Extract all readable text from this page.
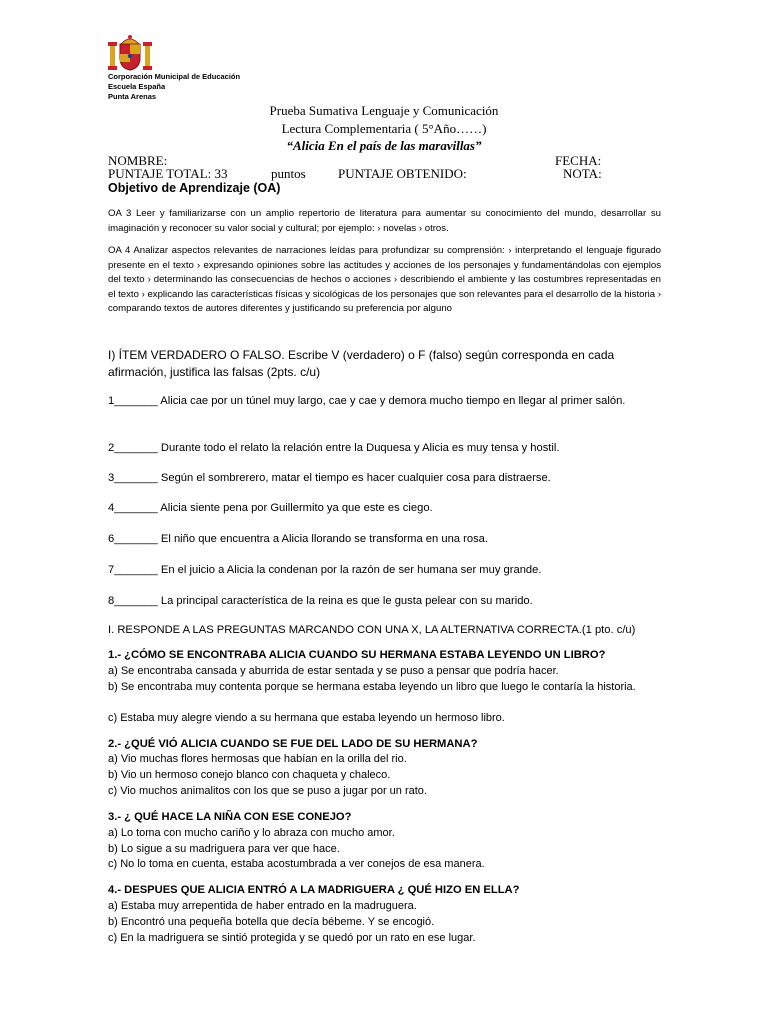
Corporación Municipal de Educación
Escuela España
Punta Arenas
Prueba Sumativa Lenguaje y Comunicación
Lectura Complementaria ( 5°Año……)
“Alicia En el país de las maravillas”
NOMBRE:	FECHA:
PUNTAJE TOTAL: 33	puntos PUNTAJE OBTENIDO:	NOTA:
Objetivo de Aprendizaje (OA)
OA 3 Leer y familiarizarse con un amplio repertorio de literatura para aumentar su conocimiento del mundo, desarrollar su imaginación y reconocer su valor social y cultural; por ejemplo: › novelas › otros.
OA 4 Analizar aspectos relevantes de narraciones leídas para profundizar su comprensión: › interpretando el lenguaje figurado presente en el texto › expresando opiniones sobre las actitudes y acciones de los personajes y fundamentándolas con ejemplos del texto › determinando las consecuencias de hechos o acciones › describiendo el ambiente y las costumbres representadas en el texto › explicando las características físicas y sicológicas de los personajes que son relevantes para el desarrollo de la historia › comparando textos de autores diferentes y justificando su preferencia por alguno
I) ÍTEM VERDADERO O FALSO. Escribe V (verdadero) o F (falso) según corresponda en cada afirmación, justifica las falsas (2pts. c/u)
1_______ Alicia cae por un túnel muy largo, cae y cae y demora mucho tiempo en llegar al primer salón.
2_______ Durante todo el relato la relación entre la Duquesa y Alicia es muy tensa y hostil.
3_______ Según el sombrerero, matar el tiempo es hacer cualquier cosa para distraerse.
4_______ Alicia siente pena por Guillermito ya que este es ciego.
6_______ El niño que encuentra a Alicia llorando se transforma en una rosa.
7_______ En el juicio a Alicia la condenan por la razón de ser humana ser muy grande.
8_______ La principal característica de la reina es que le gusta pelear con su marido.
I. RESPONDE A LAS PREGUNTAS MARCANDO CON UNA X, LA ALTERNATIVA CORRECTA.(1 pto. c/u)
1.- ¿CÓMO SE ENCONTRABA ALICIA CUANDO SU HERMANA ESTABA LEYENDO UN LIBRO?
a) Se encontraba cansada y aburrida de estar sentada y se puso a pensar que podría hacer.
b) Se encontraba muy contenta porque se hermana estaba leyendo un libro que luego le contaría la historia.
c) Estaba muy alegre viendo a su hermana que estaba leyendo un hermoso libro.
2.- ¿QUÉ VIÓ ALICIA CUANDO SE FUE DEL LADO DE SU HERMANA?
a) Vio muchas flores hermosas que habían en la orilla del rio.
b) Vio un hermoso conejo blanco con chaqueta y chaleco.
c) Vio muchos animalitos con los que se puso a jugar por un rato.
3.- ¿ QUÉ HACE LA NIÑA CON ESE CONEJO?
a) Lo toma con mucho cariño y lo abraza con mucho amor.
b) Lo sigue a su madriguera para ver que hace.
c) No lo toma en cuenta, estaba acostumbrada a ver conejos de esa manera.
4.- DESPUES QUE ALICIA ENTRÓ A LA MADRIGUERA ¿ QUÉ HIZO EN ELLA?
a) Estaba muy arrepentida de haber entrado en la madruguera.
b) Encontró una pequeña botella que decía bébeme. Y se encogió.
c) En la madriguera se sintió protegida y se quedó por un rato en ese lugar.
